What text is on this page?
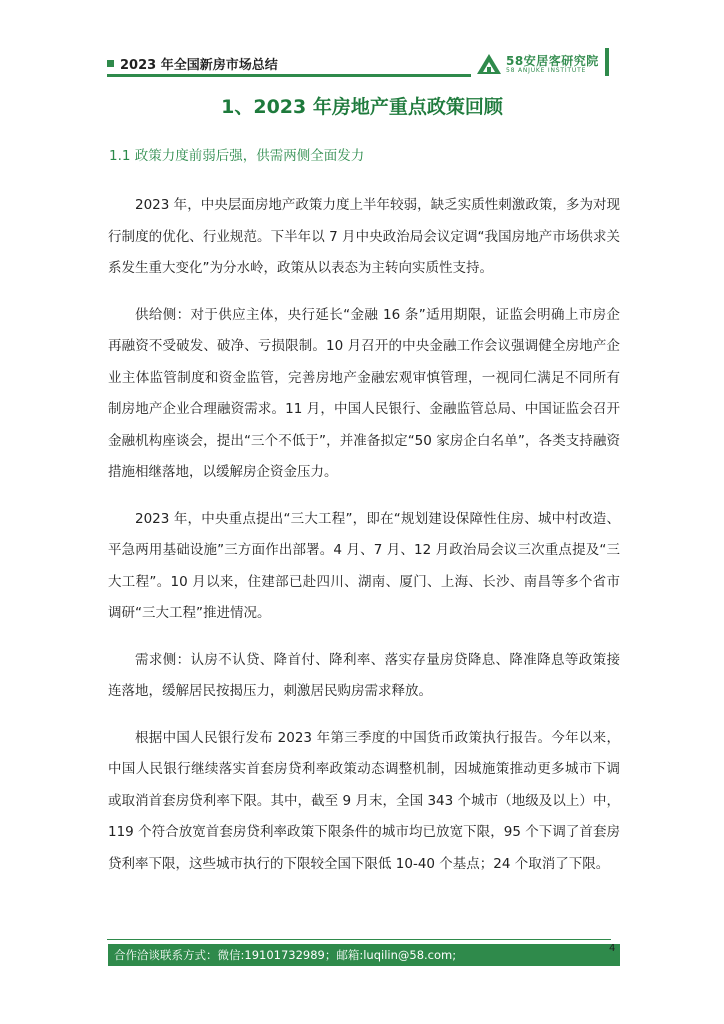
2023 年全国新房市场总结	58安居客研究院
58 ANJUKE INSTITUTE
1、2023 年房地产重点政策回顾
1.1 政策力度前弱后强，供需两侧全面发力

2023 年，中央层面房地产政策力度上半年较弱，缺乏实质性刺激政策，多为对现行制度的优化、行业规范。下半年以 7 月中央政治局会议定调“我国房地产市场供求关系发生重大变化”为分水岭，政策从以表态为主转向实质性支持。

供给侧：对于供应主体，央行延长“金融 16 条”适用期限，证监会明确上市房企再融资不受破发、破净、亏损限制。10 月召开的中央金融工作会议强调健全房地产企业主体监管制度和资金监管，完善房地产金融宏观审慎管理，一视同仁满足不同所有制房地产企业合理融资需求。11 月，中国人民银行、金融监管总局、中国证监会召开金融机构座谈会，提出“三个不低于”，并准备拟定“50 家房企白名单”，各类支持融资措施相继落地，以缓解房企资金压力。

2023 年，中央重点提出“三大工程”，即在“规划建设保障性住房、城中村改造、平急两用基础设施”三方面作出部署。4 月、7 月、12 月政治局会议三次重点提及“三大工程”。10 月以来，住建部已赴四川、湖南、厦门、上海、长沙、南昌等多个省市调研“三大工程”推进情况。

需求侧：认房不认贷、降首付、降利率、落实存量房贷降息、降准降息等政策接连落地，缓解居民按揭压力，刺激居民购房需求释放。

根据中国人民银行发布 2023 年第三季度的中国货币政策执行报告。今年以来，中国人民银行继续落实首套房贷利率政策动态调整机制，因城施策推动更多城市下调或取消首套房贷利率下限。其中，截至 9 月末，全国 343 个城市（地级及以上）中，119 个符合放宽首套房贷利率政策下限条件的城市均已放宽下限，95 个下调了首套房贷利率下限，这些城市执行的下限较全国下限低 10-40 个基点；24 个取消了下限。

合作洽谈联系方式：微信:19101732989；邮箱:luqilin@58.com;	4
